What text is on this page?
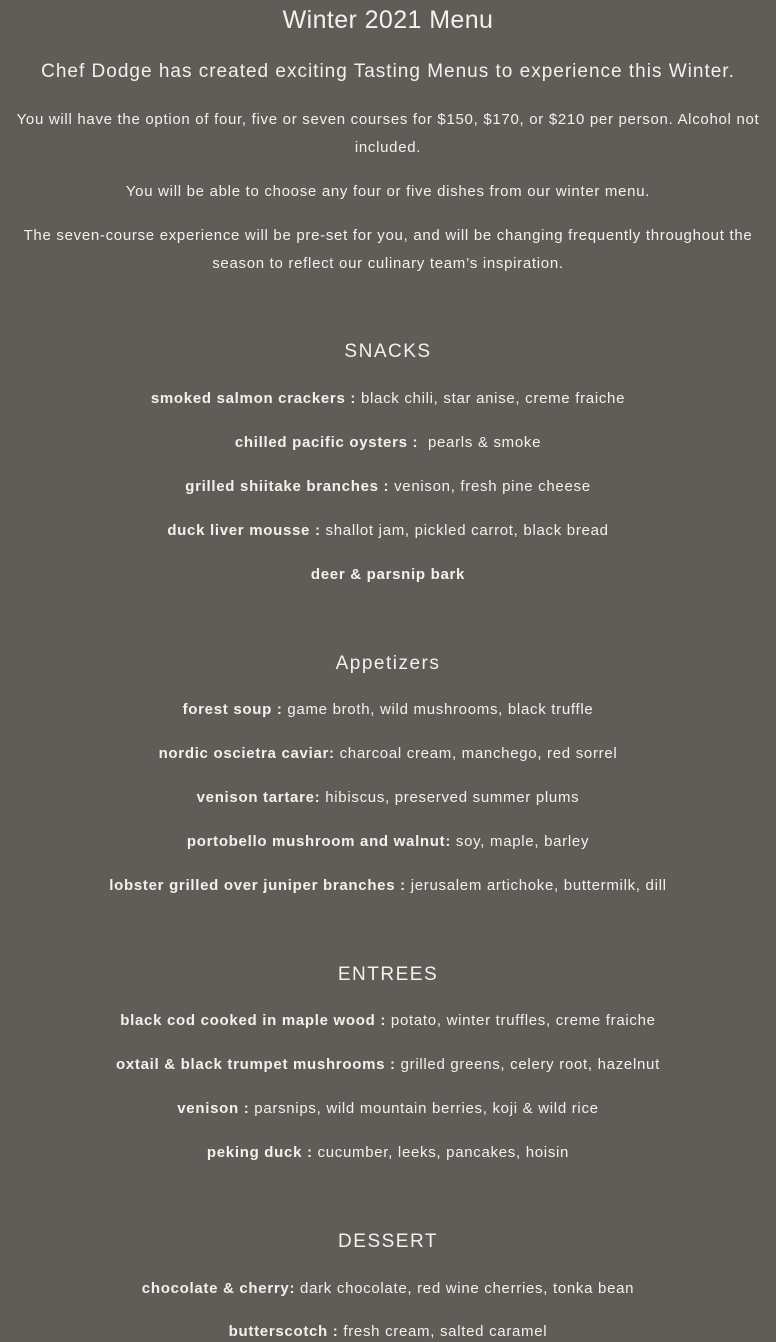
Winter 2021 Menu
Chef Dodge has created exciting Tasting Menus to experience this Winter.
You will have the option of four, five or seven courses for $150, $170, or $210 per person. Alcohol not included.
You will be able to choose any four or five dishes from our winter menu.
The seven-course experience will be pre-set for you, and will be changing frequently throughout the season to reflect our culinary team’s inspiration.
SNACKS
smoked salmon crackers : black chili, star anise, creme fraiche
chilled pacific oysters :  pearls & smoke
grilled shiitake branches : venison, fresh pine cheese
duck liver mousse : shallot jam, pickled carrot, black bread
deer & parsnip bark
Appetizers
forest soup : game broth, wild mushrooms, black truffle
nordic oscietra caviar: charcoal cream, manchego, red sorrel
venison tartare: hibiscus, preserved summer plums
portobello mushroom and walnut: soy, maple, barley
lobster grilled over juniper branches : jerusalem artichoke, buttermilk, dill
ENTREES
black cod cooked in maple wood : potato, winter truffles, creme fraiche
oxtail & black trumpet mushrooms : grilled greens, celery root, hazelnut
venison : parsnips, wild mountain berries, koji & wild rice
peking duck : cucumber, leeks, pancakes, hoisin
DESSERT
chocolate & cherry: dark chocolate, red wine cherries, tonka bean
butterscotch : fresh cream, salted caramel
